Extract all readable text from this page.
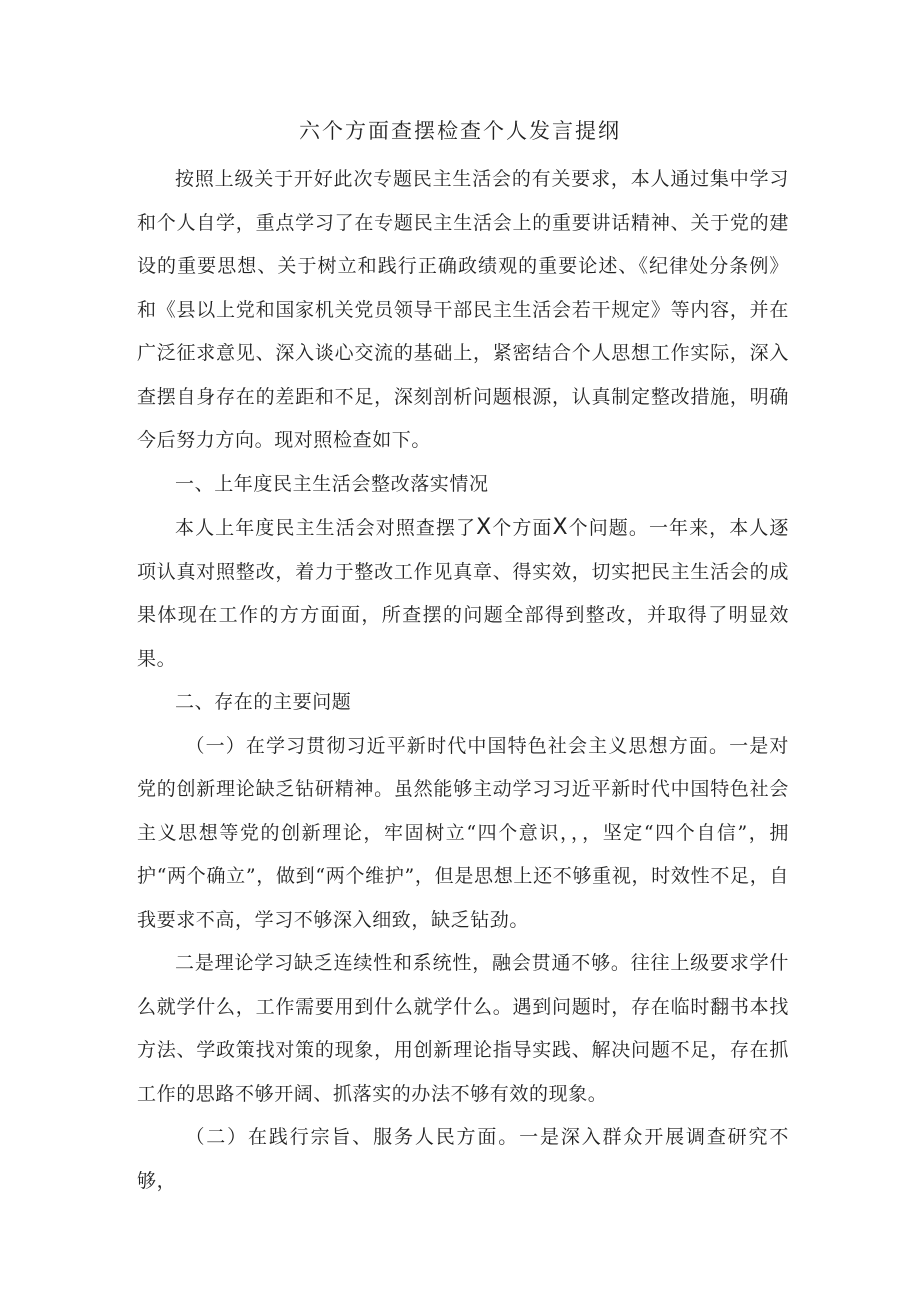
六个方面查摆检查个人发言提纲

按照上级关于开好此次专题民主生活会的有关要求，本人通过集中学习和个人自学，重点学习了在专题民主生活会上的重要讲话精神、关于党的建设的重要思想、关于树立和践行正确政绩观的重要论述、《纪律处分条例》和《县以上党和国家机关党员领导干部民主生活会若干规定》等内容，并在广泛征求意见、深入谈心交流的基础上，紧密结合个人思想工作实际，深入查摆自身存在的差距和不足，深刻剖析问题根源，认真制定整改措施，明确今后努力方向。现对照检查如下。

一、上年度民主生活会整改落实情况

本人上年度民主生活会对照查摆了X个方面X个问题。一年来，本人逐项认真对照整改，着力于整改工作见真章、得实效，切实把民主生活会的成果体现在工作的方方面面，所查摆的问题全部得到整改，并取得了明显效果。

二、存在的主要问题

（一）在学习贯彻习近平新时代中国特色社会主义思想方面。一是对党的创新理论缺乏钻研精神。虽然能够主动学习习近平新时代中国特色社会主义思想等党的创新理论，牢固树立“四个意识，，，坚定“四个自信”，拥护“两个确立”，做到“两个维护”，但是思想上还不够重视，时效性不足，自我要求不高，学习不够深入细致，缺乏钻劲。

二是理论学习缺乏连续性和系统性，融会贯通不够。往往上级要求学什么就学什么，工作需要用到什么就学什么。遇到问题时，存在临时翻书本找方法、学政策找对策的现象，用创新理论指导实践、解决问题不足，存在抓工作的思路不够开阔、抓落实的办法不够有效的现象。

（二）在践行宗旨、服务人民方面。一是深入群众开展调查研究不够，
